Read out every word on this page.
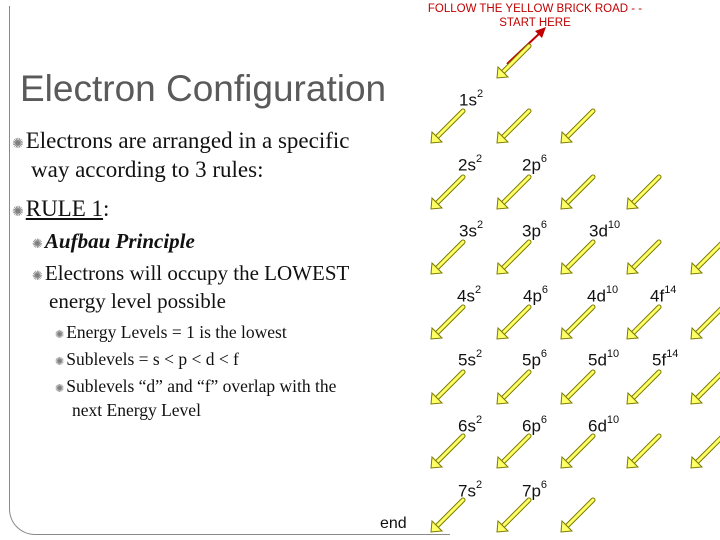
FOLLOW THE YELLOW BRICK ROAD - -
START HERE
Electron Configuration
✺Electrons are arranged in a specific
way according to 3 rules:
✺RULE 1:
✺Aufbau Principle
✺Electrons will occupy the LOWEST
energy level possible
✺ Energy Levels = 1 is the lowest
✺ Sublevels = s < p < d < f
✺ Sublevels “d” and “f” overlap with the
next Energy Level
end
$1s^2$
$2s^2$ $2p^6$
$3s^2$ $3p^6$ $3d^{10}$
$4s^2$ $4p^6$ $4d^{10}$ $4f^{14}$
$5s^2$ $5p^6$ $5d^{10}$ $5f^{14}$
$6s^2$ $6p^6$ $6d^{10}$
$7s^2$ $7p^6$
